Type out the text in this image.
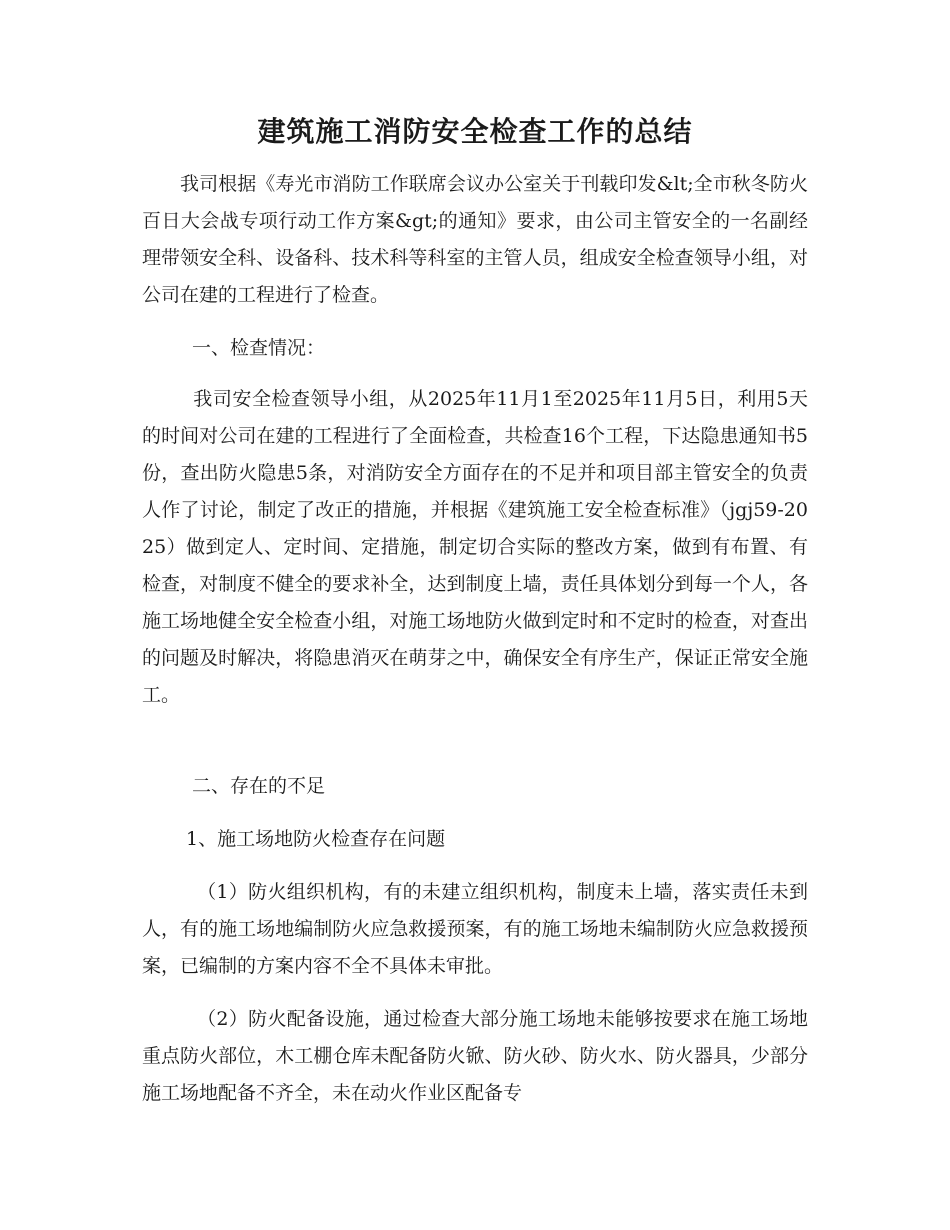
建筑施工消防安全检查工作的总结

我司根据《寿光市消防工作联席会议办公室关于刊载印发&lt;全市秋冬防火百日大会战专项行动工作方案&gt;的通知》要求，由公司主管安全的一名副经理带领安全科、设备科、技术科等科室的主管人员，组成安全检查领导小组，对公司在建的工程进行了检查。

一、检查情况：

我司安全检查领导小组，从2025年11月1至2025年11月5日，利用5天的时间对公司在建的工程进行了全面检查，共检查16个工程，下达隐患通知书5份，查出防火隐患5条，对消防安全方面存在的不足并和项目部主管安全的负责人作了讨论，制定了改正的措施，并根据《建筑施工安全检查标准》（jgj59-2025）做到定人、定时间、定措施，制定切合实际的整改方案，做到有布置、有检查，对制度不健全的要求补全，达到制度上墙，责任具体划分到每一个人，各施工场地健全安全检查小组，对施工场地防火做到定时和不定时的检查，对查出的问题及时解决，将隐患消灭在萌芽之中，确保安全有序生产，保证正常安全施工。

二、存在的不足

1、施工场地防火检查存在问题

（1）防火组织机构，有的未建立组织机构，制度未上墙，落实责任未到人，有的施工场地编制防火应急救援预案，有的施工场地未编制防火应急救援预案，已编制的方案内容不全不具体未审批。

（2）防火配备设施，通过检查大部分施工场地未能够按要求在施工场地重点防火部位，木工棚仓库未配备防火锨、防火砂、防火水、防火器具，少部分施工场地配备不齐全，未在动火作业区配备专
